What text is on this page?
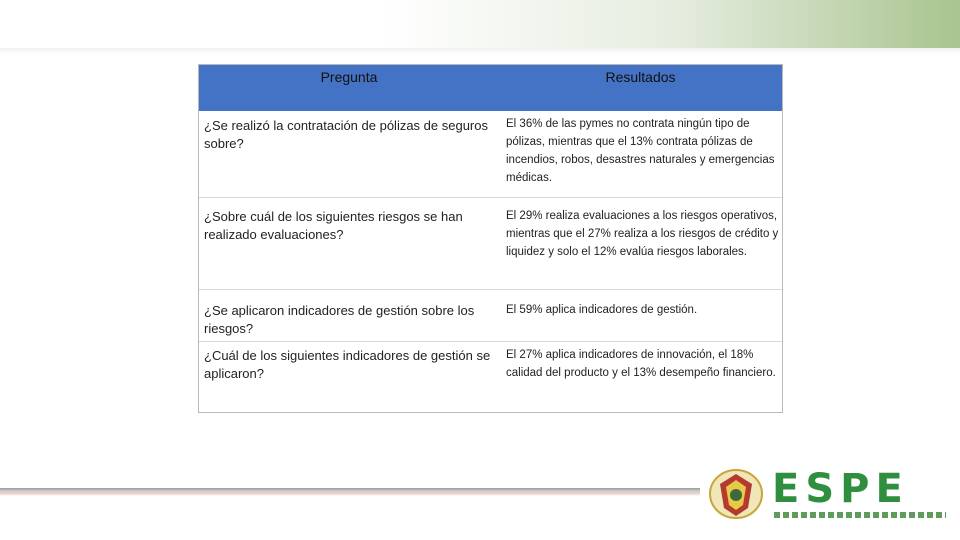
Pregunta	Resultados
¿Se realizó la contratación de pólizas de seguros sobre?
El 36% de las pymes no contrata ningún tipo de pólizas, mientras que el 13% contrata pólizas de incendios, robos, desastres naturales y emergencias médicas.
¿Sobre cuál de los siguientes riesgos se han realizado evaluaciones?
El 29% realiza evaluaciones a los riesgos operativos, mientras que el 27% realiza a los riesgos de crédito y liquidez y solo el 12% evalúa riesgos laborales.
¿Se aplicaron indicadores de gestión sobre los riesgos?
El 59% aplica indicadores de gestión.
¿Cuál de los siguientes indicadores de gestión se aplicaron?
El 27% aplica indicadores de innovación, el 18% calidad del producto y el 13% desempeño financiero.
ESPE
